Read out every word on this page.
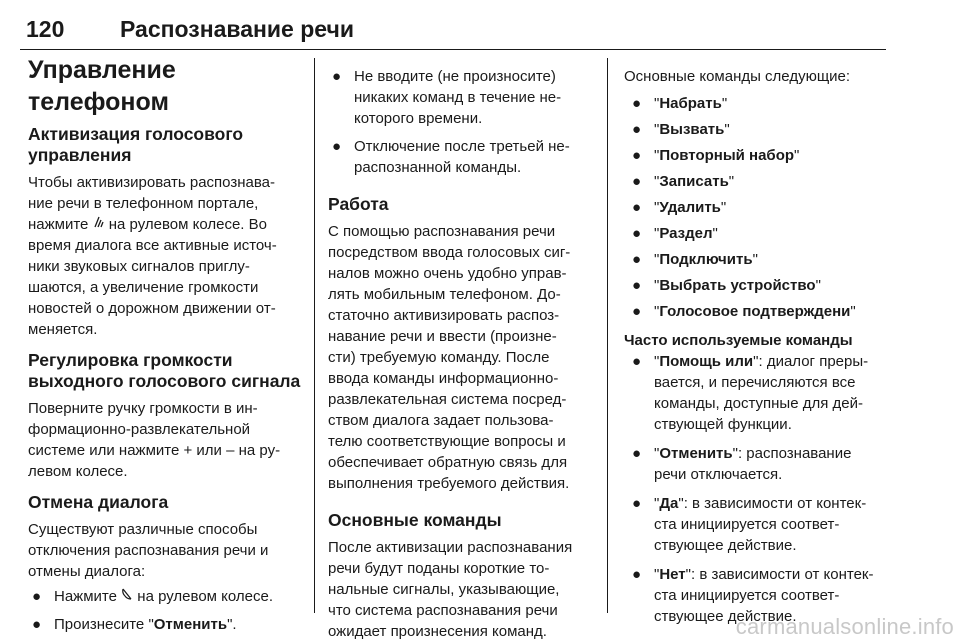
120 Распознавание речи
Управление телефоном
Активизация голосового
управления
Чтобы активизировать распознава-
ние речи в телефонном портале,
нажмите  на рулевом колесе. Во
время диалога все активные источ-
ники звуковых сигналов приглу-
шаются, а увеличение громкости
новостей о дорожном движении от-
меняется.
Регулировка громкости
выходного голосового сигнала
Поверните ручку громкости в ин-
формационно-развлекательной
системе или нажмите + или – на ру-
левом колесе.
Отмена диалога
Существуют различные способы
отключения распознавания речи и
отмены диалога:
● Нажмите  на рулевом колесе.
● Произнесите "Отменить".
● Не вводите (не произносите)
никаких команд в течение не-
которого времени.
● Отключение после третьей не-
распознанной команды.
Работа
С помощью распознавания речи
посредством ввода голосовых сиг-
налов можно очень удобно управ-
лять мобильным телефоном. До-
статочно активизировать распоз-
навание речи и ввести (произне-
сти) требуемую команду. После
ввода команды информационно-
развлекательная система посред-
ством диалога задает пользова-
телю соответствующие вопросы и
обеспечивает обратную связь для
выполнения требуемого действия.
Основные команды
После активизации распознавания
речи будут поданы короткие то-
нальные сигналы, указывающие,
что система распознавания речи
ожидает произнесения команд.
Основные команды следующие:
● "Набрать"
● "Вызвать"
● "Повторный набор"
● "Записать"
● "Удалить"
● "Раздел"
● "Подключить"
● "Выбрать устройство"
● "Голосовое подтверждени"
Часто используемые команды
● "Помощь или": диалог преры-
вается, и перечисляются все
команды, доступные для дей-
ствующей функции.
● "Отменить": распознавание
речи отключается.
● "Да": в зависимости от контек-
ста инициируется соответ-
ствующее действие.
● "Нет": в зависимости от контек-
ста инициируется соответ-
ствующее действие.
carmanualsonline.info
